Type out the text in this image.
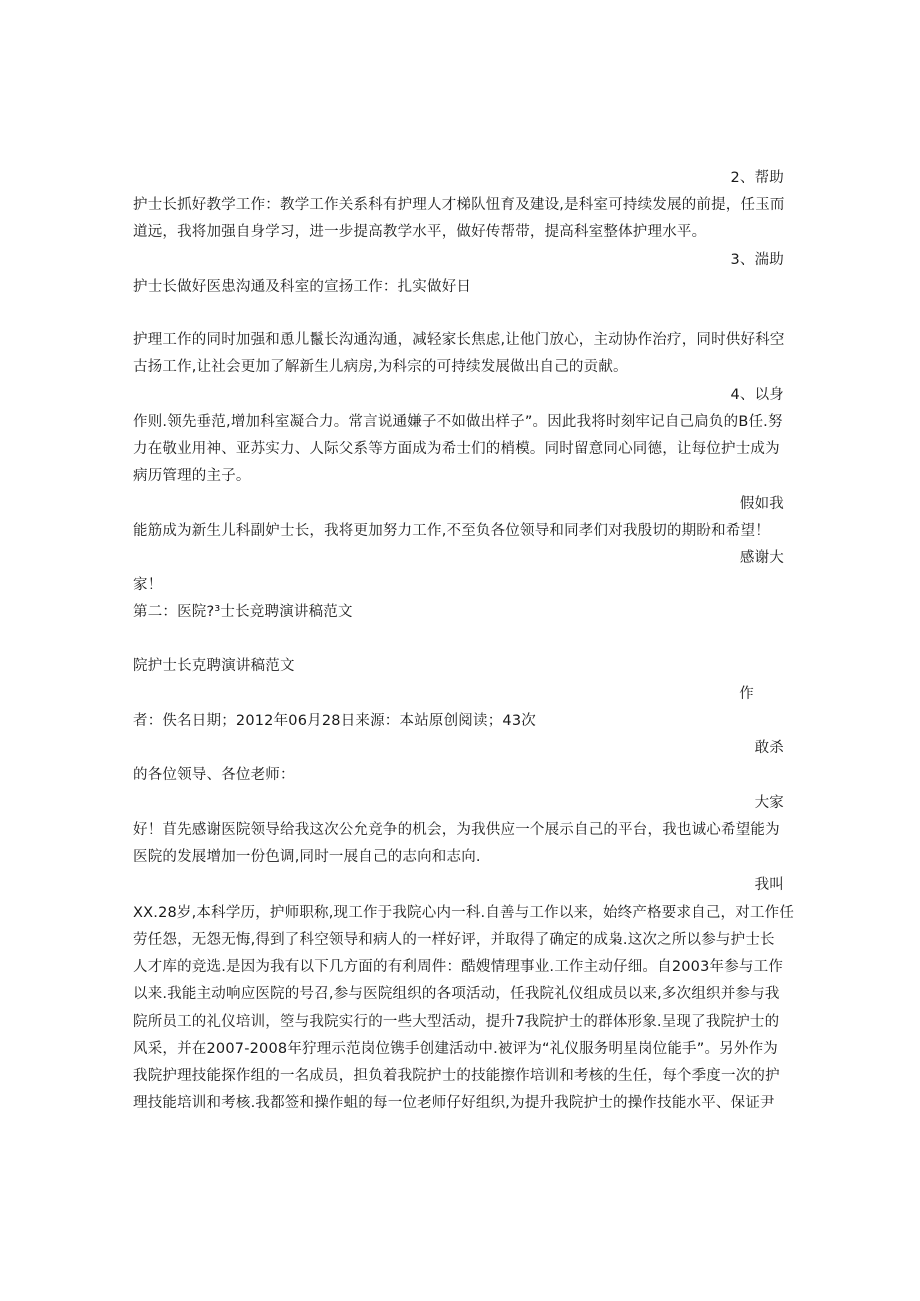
2、帮助
护士长抓好教学工作：教学工作关系科有护理人才梯队忸育及建设,是科室可持续发展的前提，任玉而
道远，我将加强自身学习，进一步提高教学水平，做好传帮带，提高科室整体护理水平。
3、湍助
护士长做好医患沟通及科室的宣扬工作：扎实做好日
护理工作的同时加强和恿儿鬣长沟通沟通，减轻家长焦虑,让他门放心，主动协作治疗，同时供好科空
古扬工作,让社会更加了解新生儿病房,为科宗的可持续发展做出自己的贡献。
4、以身
作则.领先垂范,增加科室凝合力。常言说通嫌子不如做出样子”。因此我将时刻牢记自己扃负的B任.努
力在敬业用神、亚苏实力、人际父系等方面成为希士们的梢模。同时留意同心同德，让每位护士成为
病历管理的主子。
假如我
能筋成为新生儿科副妒士长，我将更加努力工作,不至负各位领导和同孝们对我殷切的期盼和希望！
感谢大
家！
第二：医院?³士长竞聘演讲稿范文
院护士长克聘演讲稿范文
作
者：佚名日期；2012年06月28日来源：本站原创阅读；43次
敢杀
的各位领导、各位老师：
大家
好！苜先感谢医院领导给我这次公允竞争的机会，为我供应一个展示自己的平台，我也诚心希望能为
医院的发展增加一份色调,同时一展自己的志向和志向.
我叫
XX.28岁,本科学历，护师职称,现工作于我院心内一科.自善与工作以来，始终产格要求自己，对工作任
劳任怨，无怨无悔,得到了科空领导和病人的一样好评，并取得了确定的成枭.这次之所以参与护士长
人才库的竞选.是因为我有以下几方面的有利周件：酷嫂情理事业.工作主动仔细。自2003年参与工作
以来.我能主动响应医院的号召,参与医院组织的各项活动，任我院礼仪组成员以来,多次组织并参与我
院所员工的礼仪培训，箜与我院实行的一些大型活动，提升7我院护士的群体形象.呈现了我院护士的
风采，并在2007-2008年狞理示范岗位镌手创建活动中.被评为“礼仪服务明星岗位能手”。另外作为
我院护理技能探作组的一名成员，担负着我院护士的技能擦作培训和考核的生任，每个季度一次的护
理技能培训和考核.我都签和操作蛆的每一位老师仔好组织,为提升我院护士的操作技能水平、保证尹
